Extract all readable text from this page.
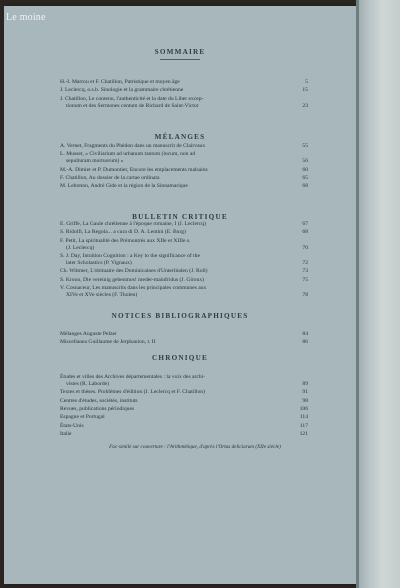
Le moine
SOMMAIRE
H.-I. Marrou et F. Chatillon, Patristique et moyen âge	5
J. Leclercq, o.s.b. Sinologie et la grammaire chrétienne	15
J. Chatillon, Le contenu, l'authenticité et la date du Liber excep-
tionum et des Sermones centum de Richard de Saint-Victor	23
MÉLANGES
A. Vernet, Fragments du Phédon dans un manuscrit de Clairvaux	55
L. Musset, « Civiliarium ad urbanum tantum (locum, non ad
sepulturam mortuorum) »	56
M.-A. Dimier et P. Dumontier, Encore les emplacements malsains	60
F. Chatillon, Au dossier de la cartae ordinata	65
M. Lebreton, André Gide et la région de la Sinnamarique	68
BULLETIN CRITIQUE
E. Griffe, La Gaule chrétienne à l'époque romaine, I (J. Leclercq)	67
S. Ridolfi, La Regola... a cura di D. A. Lentini (E. Burg)	68
F. Petit, La spiritualité des Prémontrés aux XIIe et XIIIe s.
(J. Leclercq)	70
S. J. Day, Intuition Cognition : a Key to the significance of the
later Scholastics (P. Vignaux)	72
Ch. Wittmer, L'obituaire des Dominicaines d'Unterlinden (J. Roll)	73
S. Kroon, Die vereinig gebenmos! meder-mainfridus (J. Giroux)	75
V. Cosnaceur, Les manuscrits dans les principales communes aux
XIVe et XVe siècles (F. Tholen)	78
NOTICES BIBLIOGRAPHIQUES
Mélanges Auguste Pelzer	84
Miscellanea Guillaume de Jerphanion, t. II	86
CHRONIQUE
Études et villes des Archives départementales : la voix des archi-
vistes (R. Laborde)	89
Textes et thèses. Problèmes d'édition (J. Leclercq et F. Chatillon)	91
Centres d'études, sociétés, instituts	98
Revues, publications périodiques	106
Espagne et Portugal	114
États-Unis	117
Italie	121
Fac-similé sur couverture : l'Arithmétique, d'après l'Ortus deliciarum (XIIe siècle)
